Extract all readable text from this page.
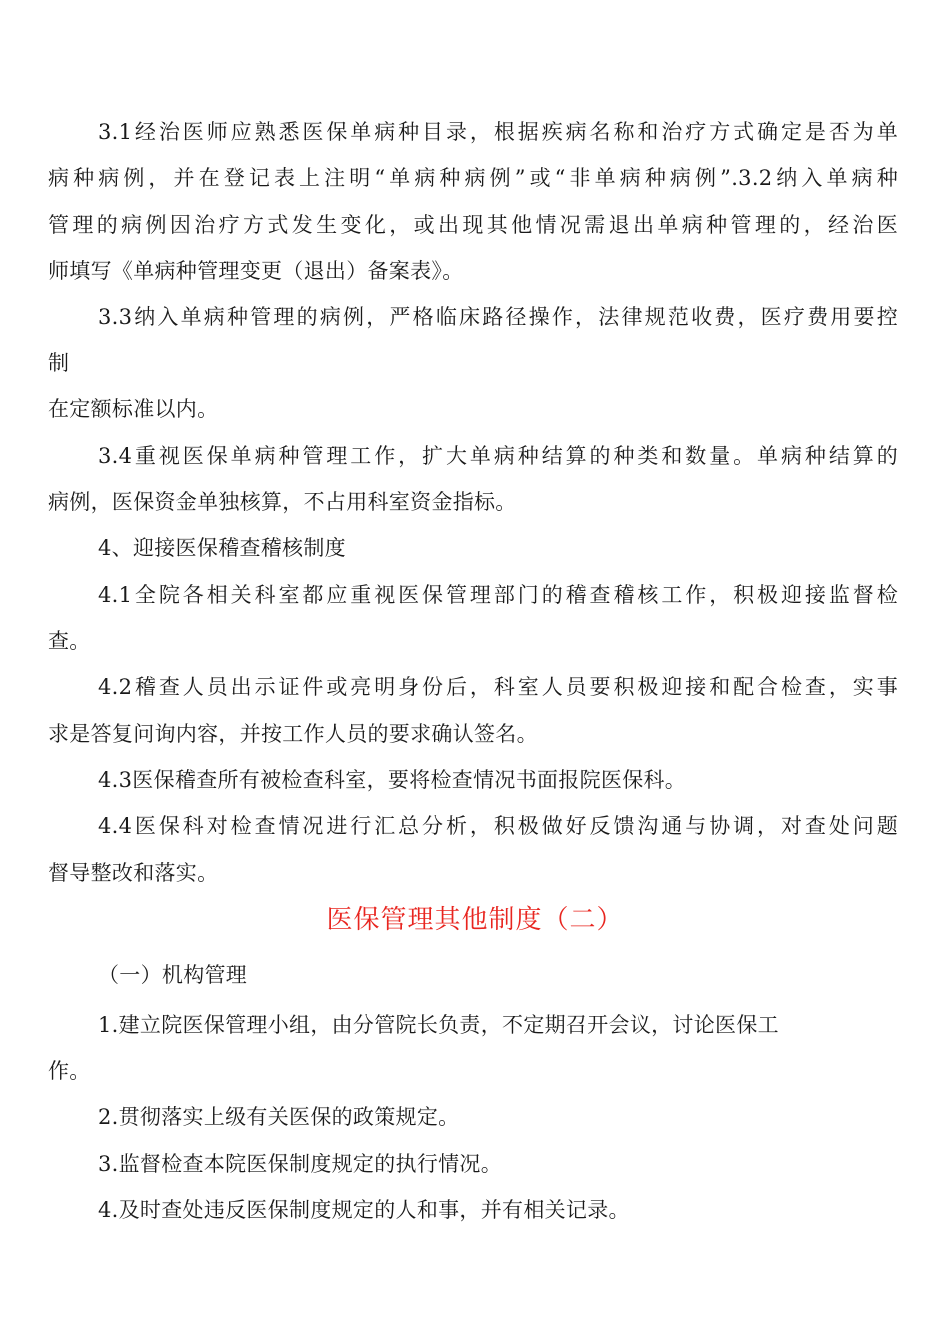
3.1经治医师应熟悉医保单病种目录，根据疾病名称和治疗方式确定是否为单
病种病例，并在登记表上注明“单病种病例”或“非单病种病例”.3.2纳入单病种
管理的病例因治疗方式发生变化，或出现其他情况需退出单病种管理的，经治医
师填写《单病种管理变更（退出）备案表》。
3.3纳入单病种管理的病例，严格临床路径操作，法律规范收费，医疗费用要控
制
在定额标准以内。
3.4重视医保单病种管理工作，扩大单病种结算的种类和数量。单病种结算的
病例，医保资金单独核算，不占用科室资金指标。
4、迎接医保稽查稽核制度
4.1全院各相关科室都应重视医保管理部门的稽查稽核工作，积极迎接监督检
查。
4.2稽查人员出示证件或亮明身份后，科室人员要积极迎接和配合检查，实事
求是答复问询内容，并按工作人员的要求确认签名。
4.3医保稽查所有被检查科室，要将检查情况书面报院医保科。
4.4医保科对检查情况进行汇总分析，积极做好反馈沟通与协调，对查处问题
督导整改和落实。
医保管理其他制度（二）
（一）机构管理
1.建立院医保管理小组，由分管院长负责，不定期召开会议，讨论医保工
作。
2.贯彻落实上级有关医保的政策规定。
3.监督检查本院医保制度规定的执行情况。
4.及时查处违反医保制度规定的人和事，并有相关记录。
